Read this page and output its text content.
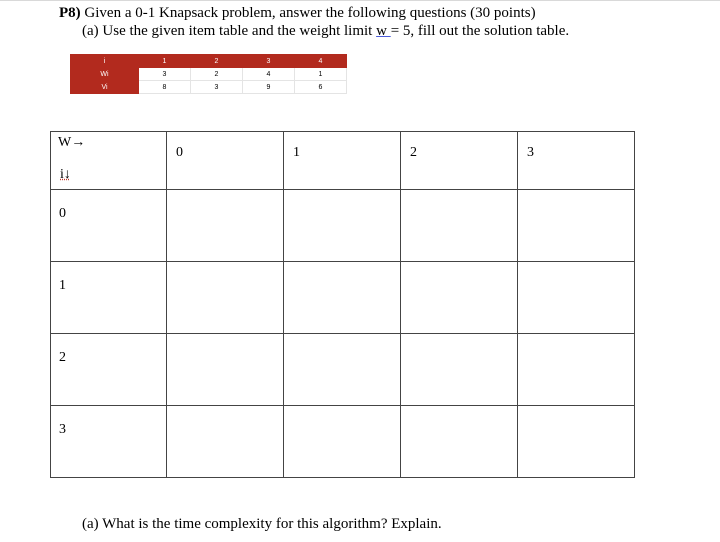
P8) Given a 0-1 Knapsack problem, answer the following questions (30 points)
(a) Use the given item table and the weight limit w = 5, fill out the solution table.
i	1	2	3	4
Wi	3	2	4	1
Vi	8	3	9	6
W→
i↓	0	1	2	3

0				

1				

2				

3				

(a) What is the time complexity for this algorithm? Explain.
